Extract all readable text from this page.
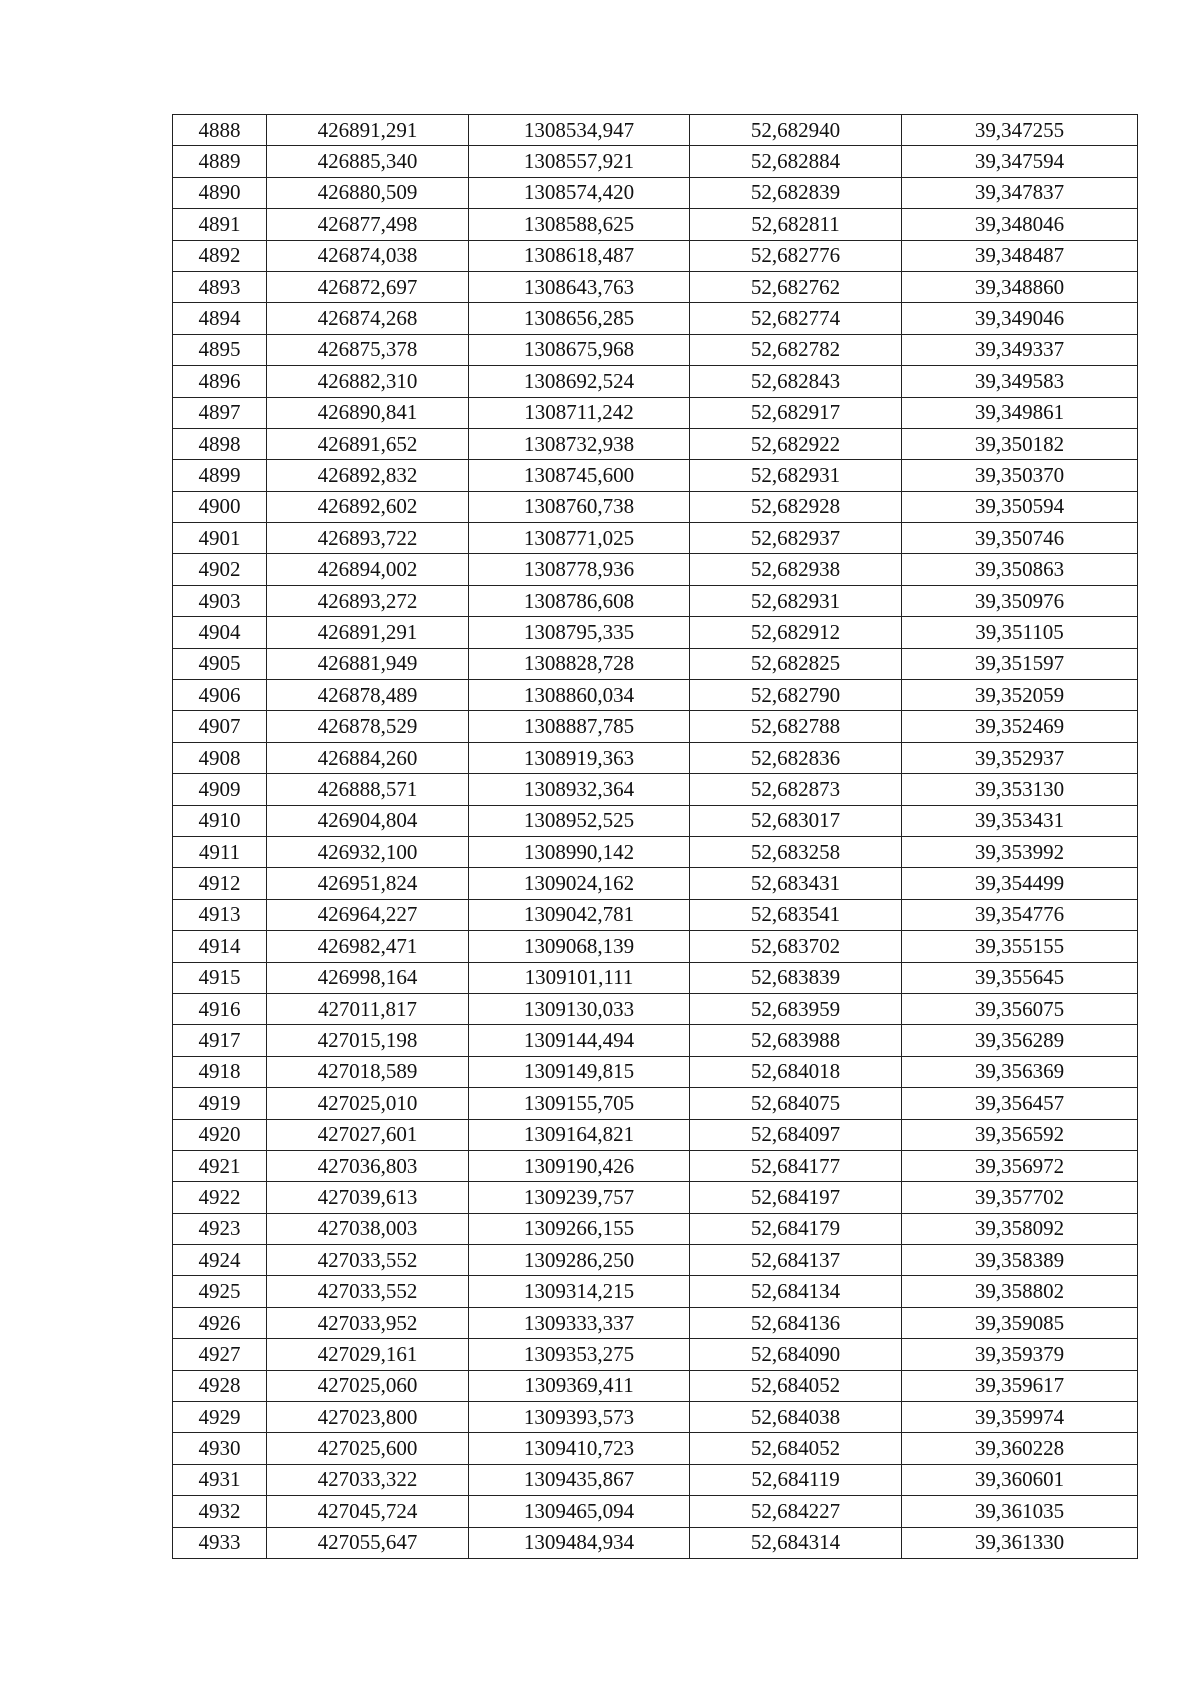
4888	426891,291	1308534,947	52,682940	39,347255
4889	426885,340	1308557,921	52,682884	39,347594
4890	426880,509	1308574,420	52,682839	39,347837
4891	426877,498	1308588,625	52,682811	39,348046
4892	426874,038	1308618,487	52,682776	39,348487
4893	426872,697	1308643,763	52,682762	39,348860
4894	426874,268	1308656,285	52,682774	39,349046
4895	426875,378	1308675,968	52,682782	39,349337
4896	426882,310	1308692,524	52,682843	39,349583
4897	426890,841	1308711,242	52,682917	39,349861
4898	426891,652	1308732,938	52,682922	39,350182
4899	426892,832	1308745,600	52,682931	39,350370
4900	426892,602	1308760,738	52,682928	39,350594
4901	426893,722	1308771,025	52,682937	39,350746
4902	426894,002	1308778,936	52,682938	39,350863
4903	426893,272	1308786,608	52,682931	39,350976
4904	426891,291	1308795,335	52,682912	39,351105
4905	426881,949	1308828,728	52,682825	39,351597
4906	426878,489	1308860,034	52,682790	39,352059
4907	426878,529	1308887,785	52,682788	39,352469
4908	426884,260	1308919,363	52,682836	39,352937
4909	426888,571	1308932,364	52,682873	39,353130
4910	426904,804	1308952,525	52,683017	39,353431
4911	426932,100	1308990,142	52,683258	39,353992
4912	426951,824	1309024,162	52,683431	39,354499
4913	426964,227	1309042,781	52,683541	39,354776
4914	426982,471	1309068,139	52,683702	39,355155
4915	426998,164	1309101,111	52,683839	39,355645
4916	427011,817	1309130,033	52,683959	39,356075
4917	427015,198	1309144,494	52,683988	39,356289
4918	427018,589	1309149,815	52,684018	39,356369
4919	427025,010	1309155,705	52,684075	39,356457
4920	427027,601	1309164,821	52,684097	39,356592
4921	427036,803	1309190,426	52,684177	39,356972
4922	427039,613	1309239,757	52,684197	39,357702
4923	427038,003	1309266,155	52,684179	39,358092
4924	427033,552	1309286,250	52,684137	39,358389
4925	427033,552	1309314,215	52,684134	39,358802
4926	427033,952	1309333,337	52,684136	39,359085
4927	427029,161	1309353,275	52,684090	39,359379
4928	427025,060	1309369,411	52,684052	39,359617
4929	427023,800	1309393,573	52,684038	39,359974
4930	427025,600	1309410,723	52,684052	39,360228
4931	427033,322	1309435,867	52,684119	39,360601
4932	427045,724	1309465,094	52,684227	39,361035
4933	427055,647	1309484,934	52,684314	39,361330
